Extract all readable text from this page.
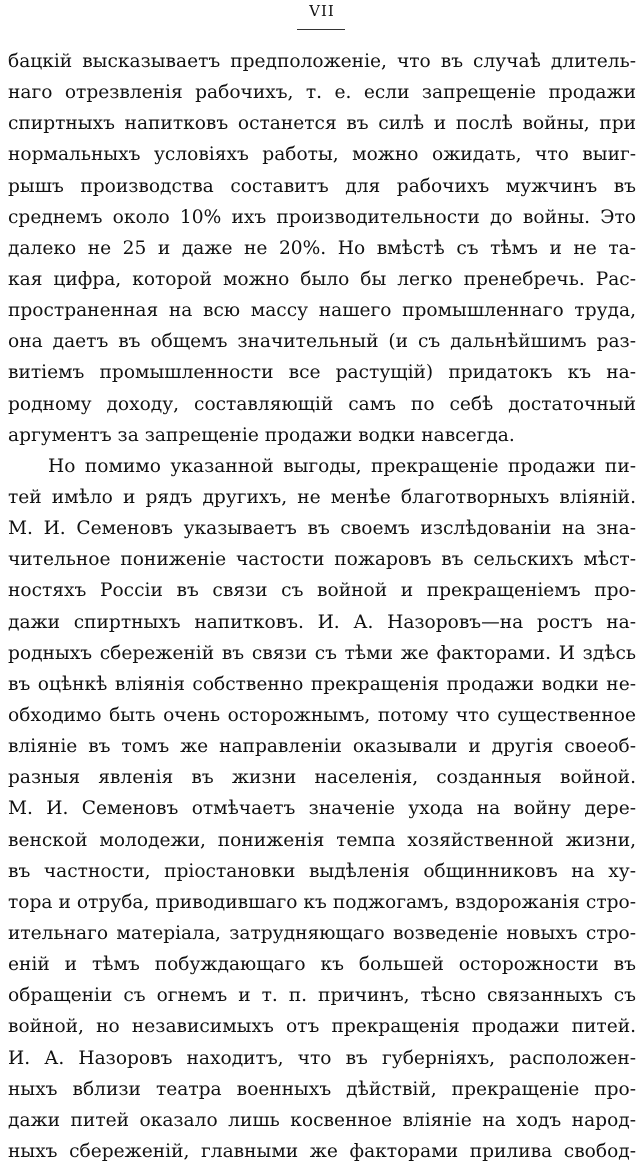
VII
бацкій высказываетъ предположеніе, что въ случаѣ длитель-
наго отрезвленія рабочихъ, т. е. если запрещеніе продажи
спиртныхъ напитковъ останется въ силѣ и послѣ войны, при
нормальныхъ условіяхъ работы, можно ожидать, что выиг-
рышъ производства составитъ для рабочихъ мужчинъ въ
среднемъ около 10% ихъ производительности до войны. Это
далеко не 25 и даже не 20%. Но вмѣстѣ съ тѣмъ и не та-
кая цифра, которой можно было бы легко пренебречь. Рас-
пространенная на всю массу нашего промышленнаго труда,
она даетъ въ общемъ значительный (и съ дальнѣйшимъ раз-
витіемъ промышленности все растущій) придатокъ къ на-
родному доходу, составляющій самъ по себѣ достаточный
аргументъ за запрещеніе продажи водки навсегда.
Но помимо указанной выгоды, прекращеніе продажи пи-
тей имѣло и рядъ другихъ, не менѣе благотворныхъ вліяній.
М. И. Семеновъ указываетъ въ своемъ изслѣдованіи на зна-
чительное пониженіе частости пожаровъ въ сельскихъ мѣст-
ностяхъ Россіи въ связи съ войной и прекращеніемъ про-
дажи спиртныхъ напитковъ. И. А. Назоровъ—на ростъ на-
родныхъ сбереженій въ связи съ тѣми же факторами. И здѣсь
въ оцѣнкѣ вліянія собственно прекращенія продажи водки не-
обходимо быть очень осторожнымъ, потому что существенное
вліяніе въ томъ же направленіи оказывали и другія своеоб-
разныя явленія въ жизни населенія, созданныя войной.
М. И. Семеновъ отмѣчаетъ значеніе ухода на войну дере-
венской молодежи, пониженія темпа хозяйственной жизни,
въ частности, пріостановки выдѣленія общинниковъ на ху-
тора и отруба, приводившаго къ поджогамъ, вздорожанія стро-
ительнаго матеріала, затрудняющаго возведеніе новыхъ стро-
еній и тѣмъ побуждающаго къ большей осторожности въ
обращеніи съ огнемъ и т. п. причинъ, тѣсно связанныхъ съ
войной, но независимыхъ отъ прекращенія продажи питей.
И. А. Назоровъ находитъ, что въ губерніяхъ, расположен-
ныхъ вблизи театра военныхъ дѣйствій, прекращеніе про-
дажи питей оказало лишь косвенное вліяніе на ходъ народ-
ныхъ сбереженій, главными же факторами прилива свобод-
